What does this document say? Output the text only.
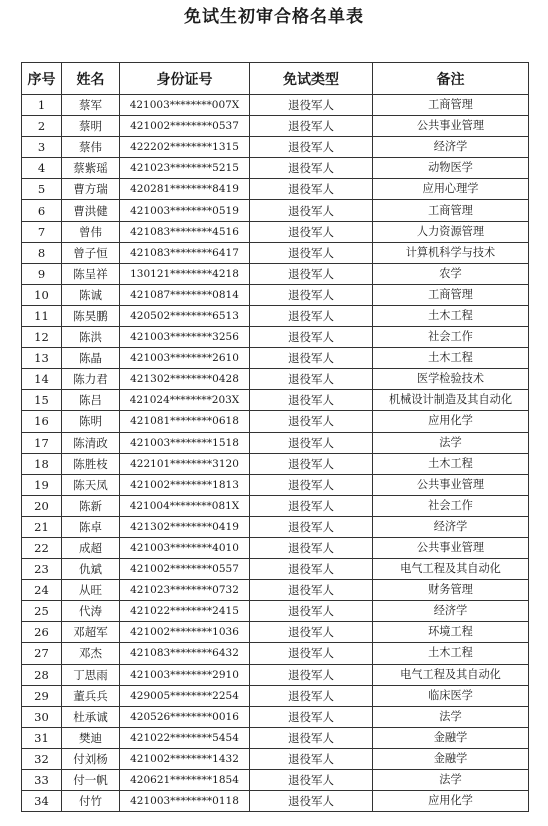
免试生初审合格名单表
序号	姓名	身份证号	免试类型	备注
1	蔡军	421003********007X	退役军人	工商管理
2	蔡明	421002********0537	退役军人	公共事业管理
3	蔡伟	422202********1315	退役军人	经济学
4	蔡紫瑶	421023********5215	退役军人	动物医学
5	曹方瑞	420281********8419	退役军人	应用心理学
6	曹洪健	421003********0519	退役军人	工商管理
7	曾伟	421083********4516	退役军人	人力资源管理
8	曾子恒	421083********6417	退役军人	计算机科学与技术
9	陈呈祥	130121********4218	退役军人	农学
10	陈诚	421087********0814	退役军人	工商管理
11	陈昊鹏	420502********6513	退役军人	土木工程
12	陈洪	421003********3256	退役军人	社会工作
13	陈晶	421003********2610	退役军人	土木工程
14	陈力君	421302********0428	退役军人	医学检验技术
15	陈吕	421024********203X	退役军人	机械设计制造及其自动化
16	陈明	421081********0618	退役军人	应用化学
17	陈清政	421003********1518	退役军人	法学
18	陈胜枝	422101********3120	退役军人	土木工程
19	陈天凤	421002********1813	退役军人	公共事业管理
20	陈新	421004********081X	退役军人	社会工作
21	陈卓	421302********0419	退役军人	经济学
22	成超	421003********4010	退役军人	公共事业管理
23	仇斌	421002********0557	退役军人	电气工程及其自动化
24	从旺	421023********0732	退役军人	财务管理
25	代涛	421022********2415	退役军人	经济学
26	邓超军	421002********1036	退役军人	环境工程
27	邓杰	421083********6432	退役军人	土木工程
28	丁思雨	421003********2910	退役军人	电气工程及其自动化
29	董兵兵	429005********2254	退役军人	临床医学
30	杜承诚	420526********0016	退役军人	法学
31	樊迪	421022********5454	退役军人	金融学
32	付刘杨	421002********1432	退役军人	金融学
33	付一帆	420621********1854	退役军人	法学
34	付竹	421003********0118	退役军人	应用化学
